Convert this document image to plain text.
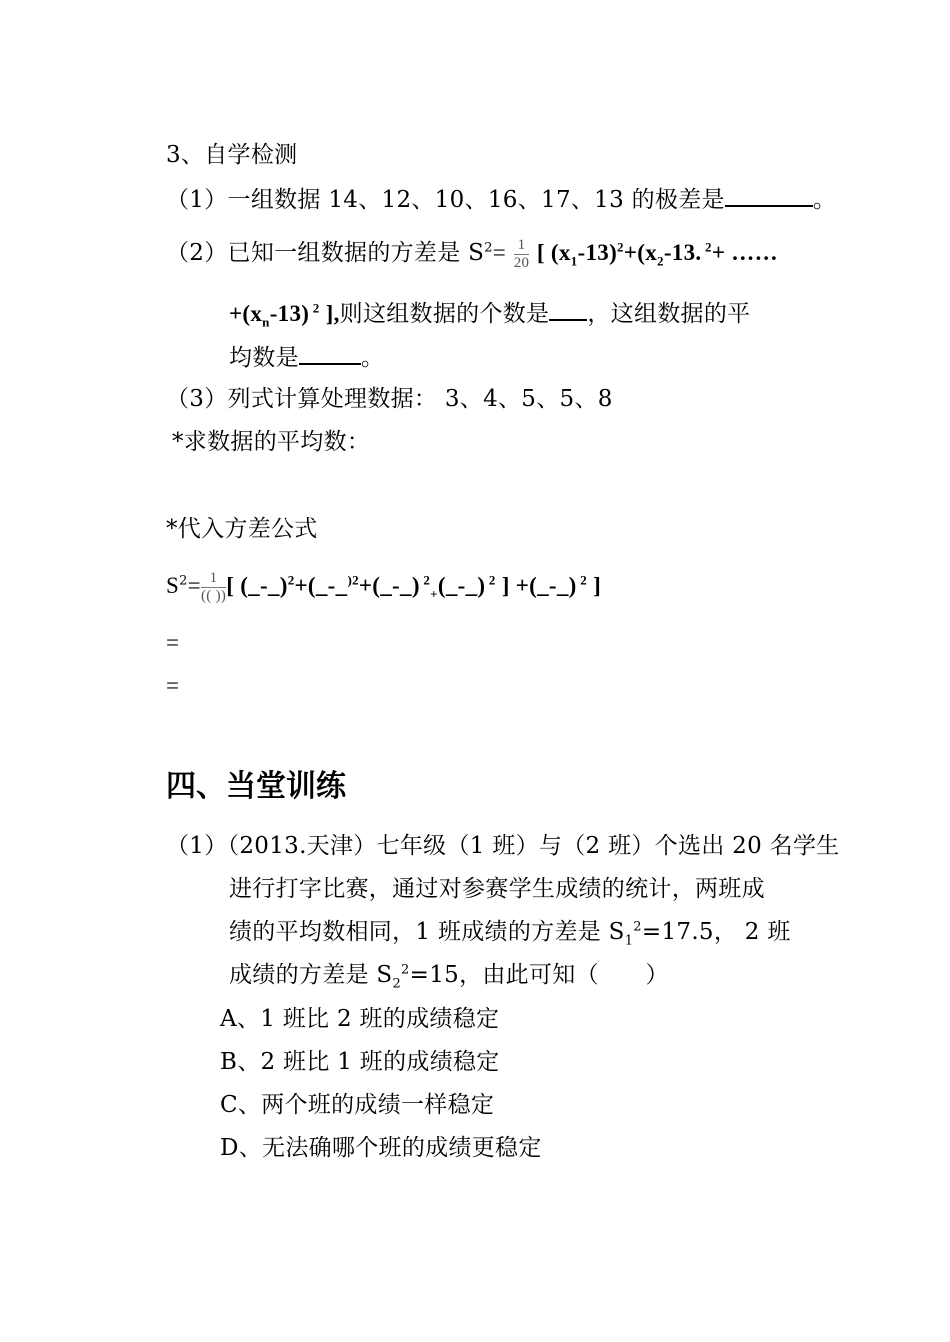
3、自学检测
（1）一组数据 14、12、10、16、17、13 的极差是	。
（2）已知一组数据的方差是 $S^2= \frac{1}{20}$ [ $(x_1-13)^2+(x_2-13$. $^2$+ ……
$+(x_n-13)$ $^2$ ],则这组数据的个数是 ，这组数据的平
均数是	。
（3）列式计算处理数据： 3、4、5、5、8
*求数据的平均数：
*代入方差公式
$S^2= \frac{1}{(( ))}$ [ (_-_)$^2$+(_-_$^{)2}$+(_-_) $^2_+$(_-_) $^2$ ] +(_-_) $^2$ ]
=
=
四、当堂训练
（1）（2013.天津）七年级（1 班）与（2 班）个选出 20 名学生
进行打字比赛，通过对参赛学生成绩的统计，两班成
绩的平均数相同，1 班成绩的方差是 $S_1^2=17.5$， 2 班
成绩的方差是 $S_2^2=15$，由此可知（　　）
A、1 班比 2 班的成绩稳定
B、2 班比 1 班的成绩稳定
C、两个班的成绩一样稳定
D、无法确哪个班的成绩更稳定
